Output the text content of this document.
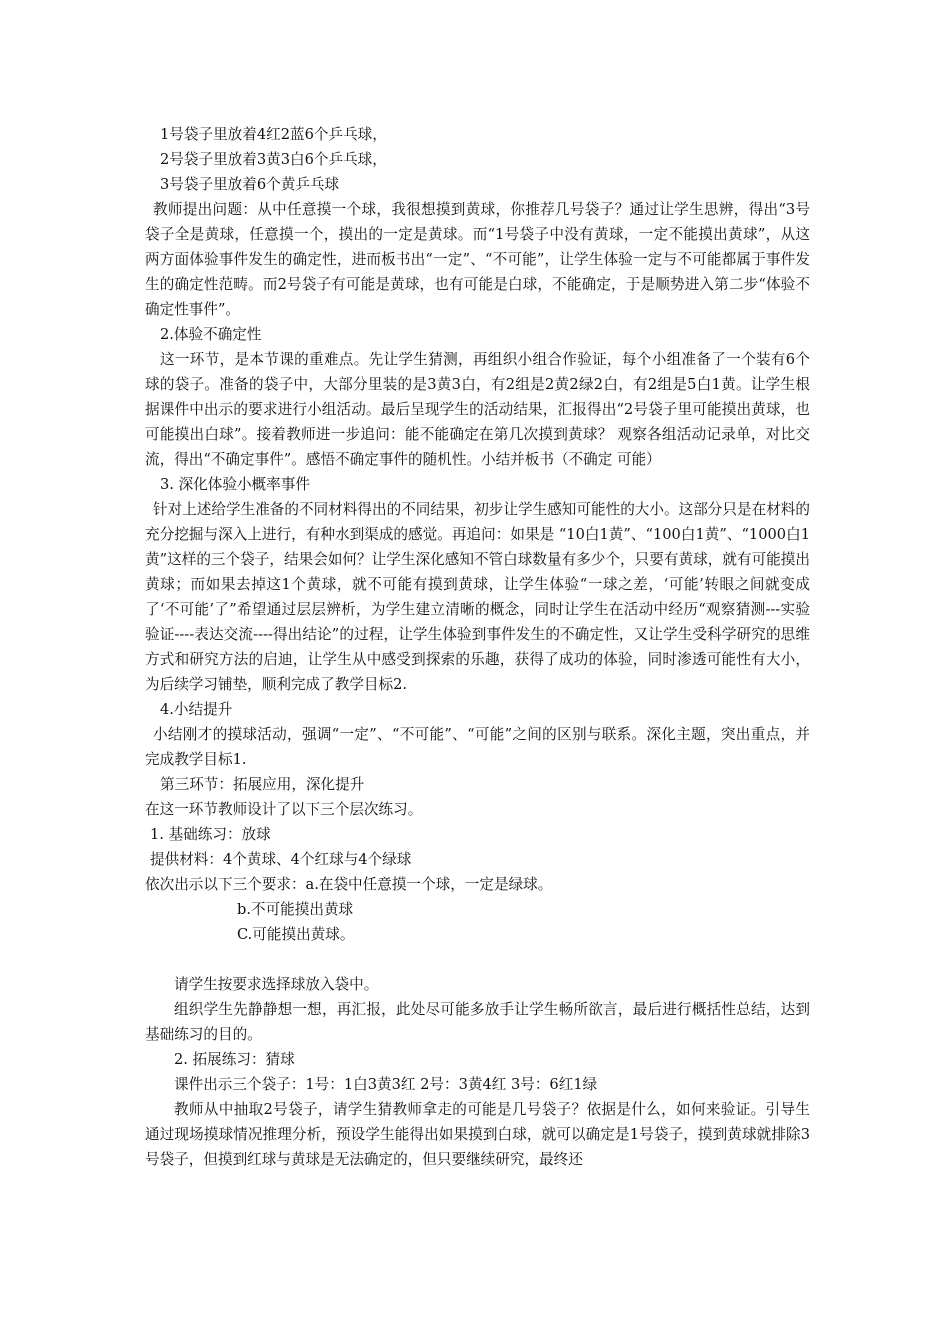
1号袋子里放着4红2蓝6个乒乓球，

2号袋子里放着3黄3白6个乒乓球，

3号袋子里放着6个黄乒乓球

教师提出问题：从中任意摸一个球，我很想摸到黄球，你推荐几号袋子？通过让学生思辨，得出“3号袋子全是黄球，任意摸一个，摸出的一定是黄球。而“1号袋子中没有黄球，一定不能摸出黄球”，从这两方面体验事件发生的确定性，进而板书出“一定”、“不可能”，让学生体验一定与不可能都属于事件发生的确定性范畴。而2号袋子有可能是黄球，也有可能是白球，不能确定，于是顺势进入第二步“体验不确定性事件”。

2.体验不确定性

这一环节，是本节课的重难点。先让学生猜测，再组织小组合作验证，每个小组准备了一个装有6个球的袋子。准备的袋子中，大部分里装的是3黄3白，有2组是2黄2绿2白，有2组是5白1黄。让学生根据课件中出示的要求进行小组活动。最后呈现学生的活动结果，汇报得出“2号袋子里可能摸出黄球，也可能摸出白球”。接着教师进一步追问：能不能确定在第几次摸到黄球？ 观察各组活动记录单，对比交流，得出“不确定事件”。感悟不确定事件的随机性。小结并板书（不确定 可能）

3. 深化体验小概率事件

针对上述给学生准备的不同材料得出的不同结果，初步让学生感知可能性的大小。这部分只是在材料的充分挖掘与深入上进行，有种水到渠成的感觉。再追问：如果是 “10白1黄”、“100白1黄”、“1000白1黄”这样的三个袋子，结果会如何？让学生深化感知不管白球数量有多少个，只要有黄球，就有可能摸出黄球；而如果去掉这1个黄球，就不可能有摸到黄球，让学生体验“一球之差，‘可能’转眼之间就变成了‘不可能’了”希望通过层层辨析，为学生建立清晰的概念，同时让学生在活动中经历“观察猜测---实验验证----表达交流----得出结论”的过程，让学生体验到事件发生的不确定性，又让学生受科学研究的思维方式和研究方法的启迪，让学生从中感受到探索的乐趣，获得了成功的体验，同时渗透可能性有大小，为后续学习铺垫，顺利完成了教学目标2.

4.小结提升

小结刚才的摸球活动，强调“一定”、“不可能”、“可能”之间的区别与联系。深化主题，突出重点，并完成教学目标1.

第三环节：拓展应用，深化提升

在这一环节教师设计了以下三个层次练习。

1. 基础练习：放球

提供材料：4个黄球、4个红球与4个绿球

依次出示以下三个要求：a.在袋中任意摸一个球，一定是绿球。

b.不可能摸出黄球

C.可能摸出黄球。

请学生按要求选择球放入袋中。

组织学生先静静想一想，再汇报，此处尽可能多放手让学生畅所欲言，最后进行概括性总结，达到基础练习的目的。

2. 拓展练习：猜球

课件出示三个袋子：1号：1白3黄3红 2号：3黄4红 3号：6红1绿

教师从中抽取2号袋子，请学生猜教师拿走的可能是几号袋子？依据是什么，如何来验证。引导生通过现场摸球情况推理分析，预设学生能得出如果摸到白球，就可以确定是1号袋子，摸到黄球就排除3号袋子，但摸到红球与黄球是无法确定的，但只要继续研究，最终还
